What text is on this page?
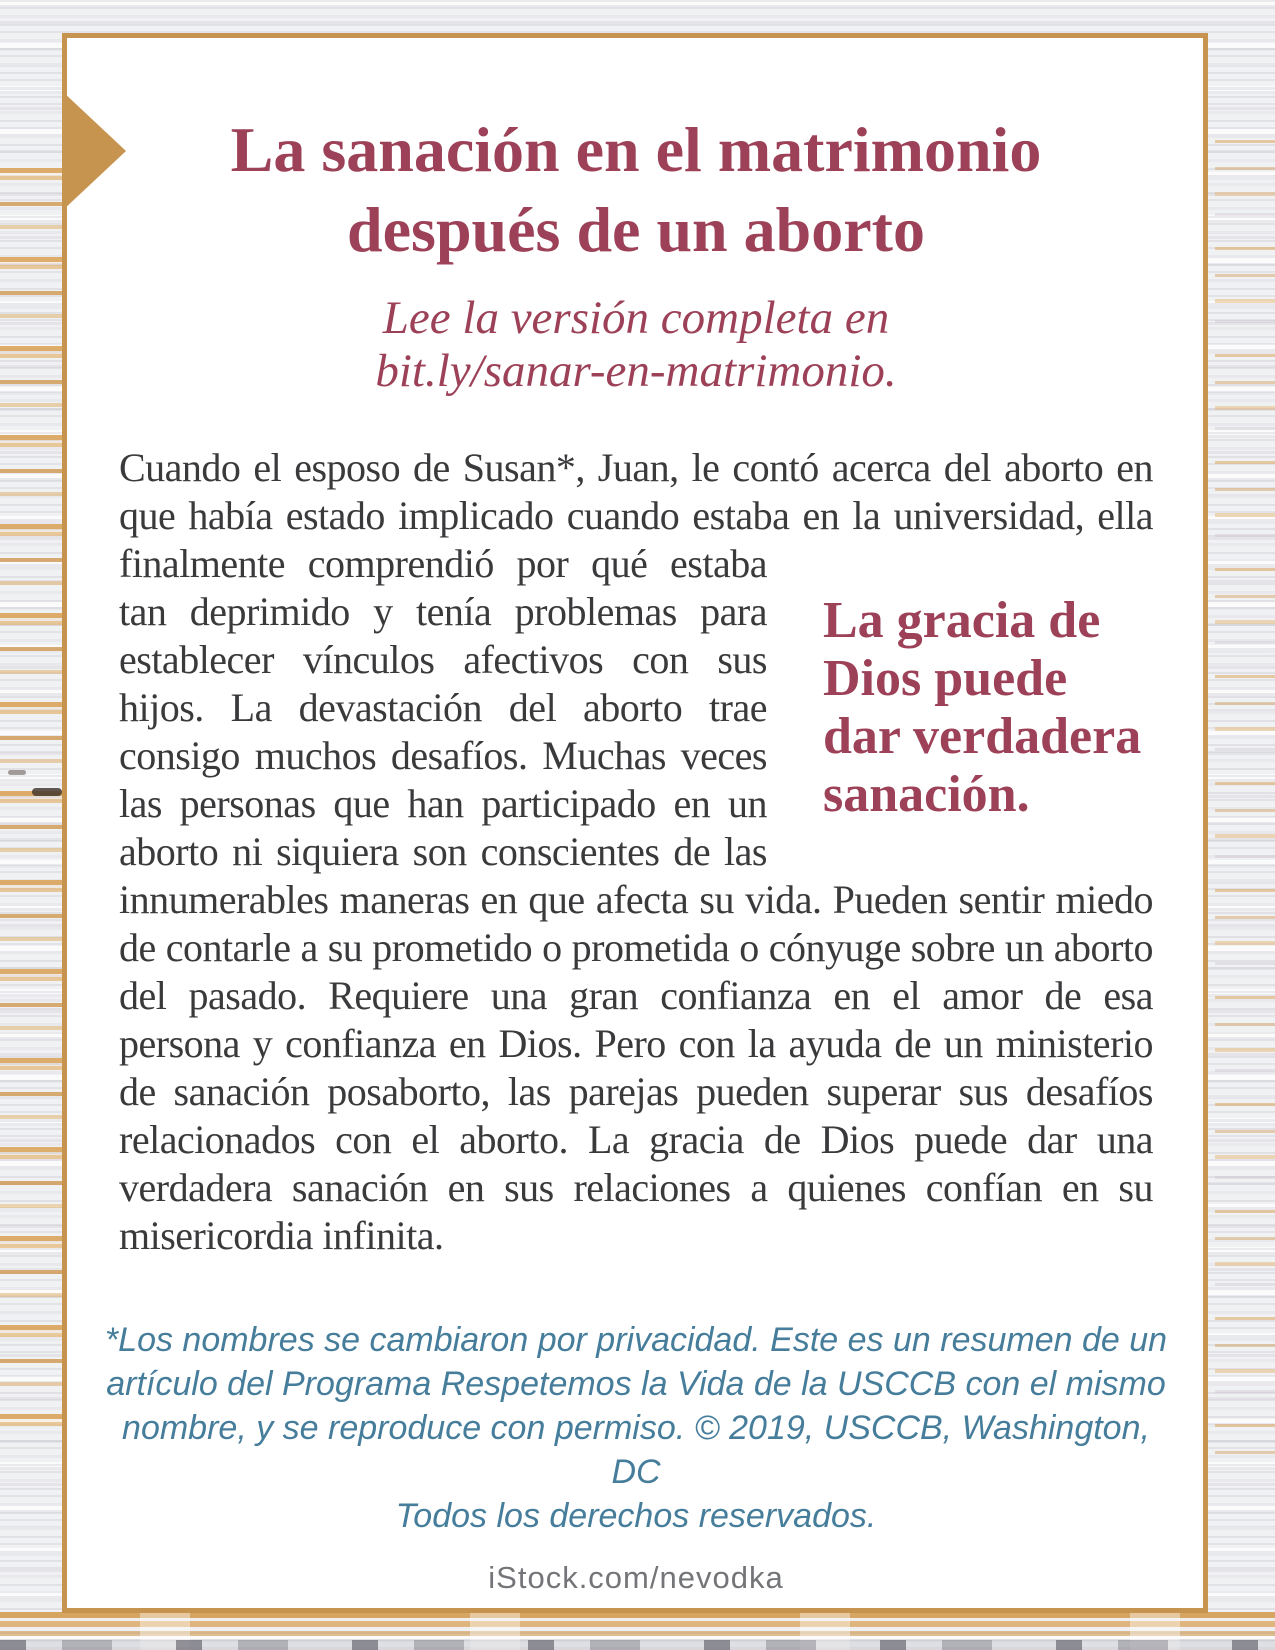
La sanación en el matrimonio
después de un aborto
Lee la versión completa en
bit.ly/sanar-en-matrimonio.

Cuando el esposo de Susan*, Juan, le contó acerca del aborto en que había estado implicado cuando estaba en
La gracia de
Dios puede
dar verdadera
sanación.
la universidad, ella finalmente comprendió por qué estaba tan deprimido y tenía problemas para establecer vínculos afectivos con sus hijos. La devastación del aborto trae consigo muchos desafíos. Muchas veces las personas que han participado en un aborto ni siquiera son conscientes de las innumerables maneras en que afecta su vida. Pueden sentir miedo de contarle a su prometido o prometida o cónyuge sobre un aborto del pasado. Requiere una gran confianza en el amor de esa persona y confianza en Dios. Pero con la ayuda de un ministerio de sanación posaborto, las parejas pueden superar sus desafíos relacionados con el aborto. La gracia de Dios puede dar una verdadera sanación en sus relaciones a quienes confían en su misericordia infinita.

*Los nombres se cambiaron por privacidad. Este es un resumen de un artículo del Programa Respetemos la Vida de la USCCB con el mismo nombre, y se reproduce con permiso. © 2019, USCCB, Washington, DC
Todos los derechos reservados.
iStock.com/nevodka
